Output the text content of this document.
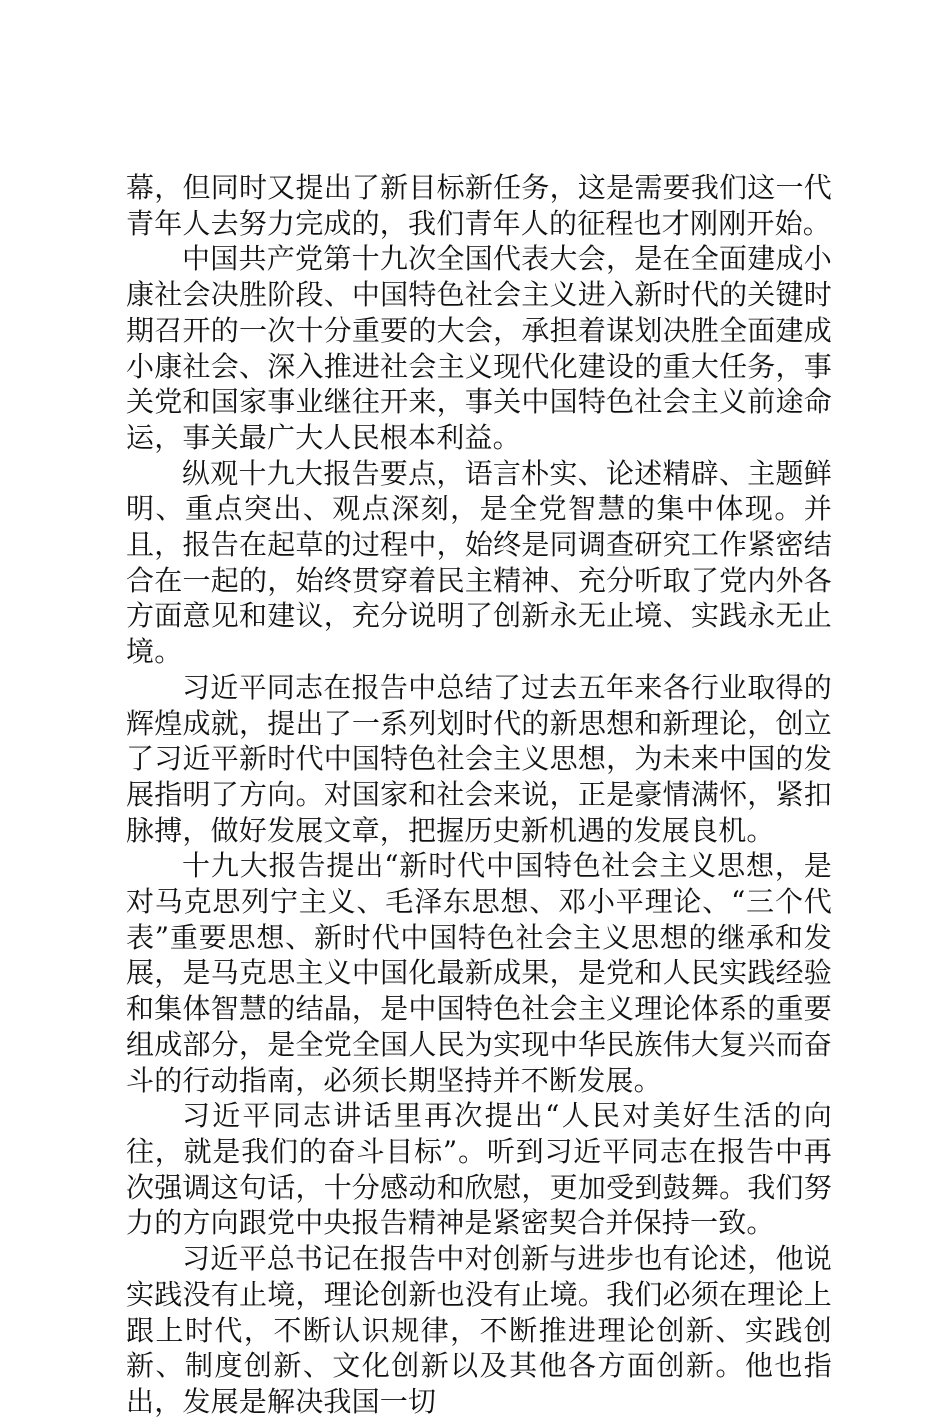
幕，但同时又提出了新目标新任务，这是需要我们这一代青年人去努力完成的，我们青年人的征程也才刚刚开始。

中国共产党第十九次全国代表大会，是在全面建成小康社会决胜阶段、中国特色社会主义进入新时代的关键时期召开的一次十分重要的大会，承担着谋划决胜全面建成小康社会、深入推进社会主义现代化建设的重大任务，事关党和国家事业继往开来，事关中国特色社会主义前途命运，事关最广大人民根本利益。

纵观十九大报告要点，语言朴实、论述精辟、主题鲜明、重点突出、观点深刻，是全党智慧的集中体现。并且，报告在起草的过程中，始终是同调查研究工作紧密结合在一起的，始终贯穿着民主精神、充分听取了党内外各方面意见和建议，充分说明了创新永无止境、实践永无止境。

习近平同志在报告中总结了过去五年来各行业取得的辉煌成就，提出了一系列划时代的新思想和新理论，创立了习近平新时代中国特色社会主义思想，为未来中国的发展指明了方向。对国家和社会来说，正是豪情满怀，紧扣脉搏，做好发展文章，把握历史新机遇的发展良机。

十九大报告提出“新时代中国特色社会主义思想，是对马克思列宁主义、毛泽东思想、邓小平理论、“三个代表”重要思想、新时代中国特色社会主义思想的继承和发展，是马克思主义中国化最新成果，是党和人民实践经验和集体智慧的结晶，是中国特色社会主义理论体系的重要组成部分，是全党全国人民为实现中华民族伟大复兴而奋斗的行动指南，必须长期坚持并不断发展。

习近平同志讲话里再次提出“人民对美好生活的向往，就是我们的奋斗目标”。听到习近平同志在报告中再次强调这句话，十分感动和欣慰，更加受到鼓舞。我们努力的方向跟党中央报告精神是紧密契合并保持一致。

习近平总书记在报告中对创新与进步也有论述，他说实践没有止境，理论创新也没有止境。我们必须在理论上跟上时代，不断认识规律，不断推进理论创新、实践创新、制度创新、文化创新以及其他各方面创新。他也指出，发展是解决我国一切
